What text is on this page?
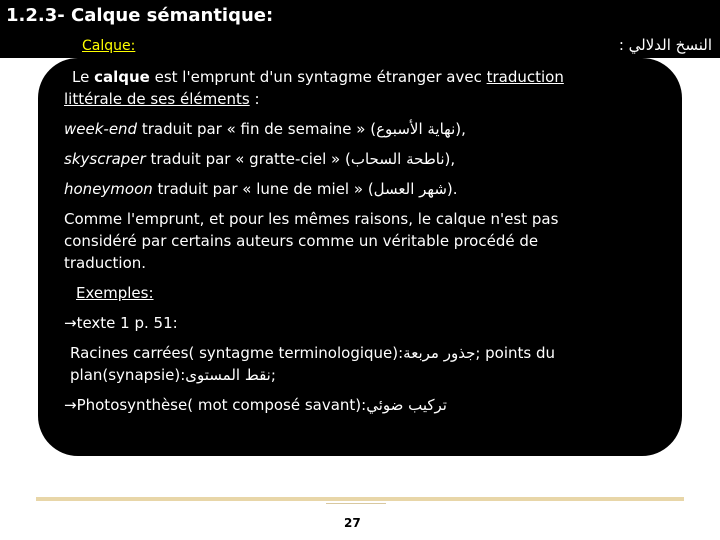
1.2.3- Calque sémantique:
Calque:	النسخ الدلالي :

Le calque est l'emprunt d'un syntagme étranger avec traduction

littérale de ses éléments :

week-end traduit par « fin de semaine » (نهاية الأسبوع),

skyscraper traduit par « gratte-ciel » (ناطحة السحاب),

honeymoon traduit par « lune de miel » (شهر العسل).

Comme l'emprunt, et pour les mêmes raisons, le calque n'est pas considéré par certains auteurs comme un véritable procédé de traduction.

Exemples:

→texte 1 p. 51:

Racines carrées( syntagme terminologique):جذور مربعة; points du plan(synapsie):نقط المستوى;

→Photosynthèse( mot composé savant):تركيب ضوئي

27
